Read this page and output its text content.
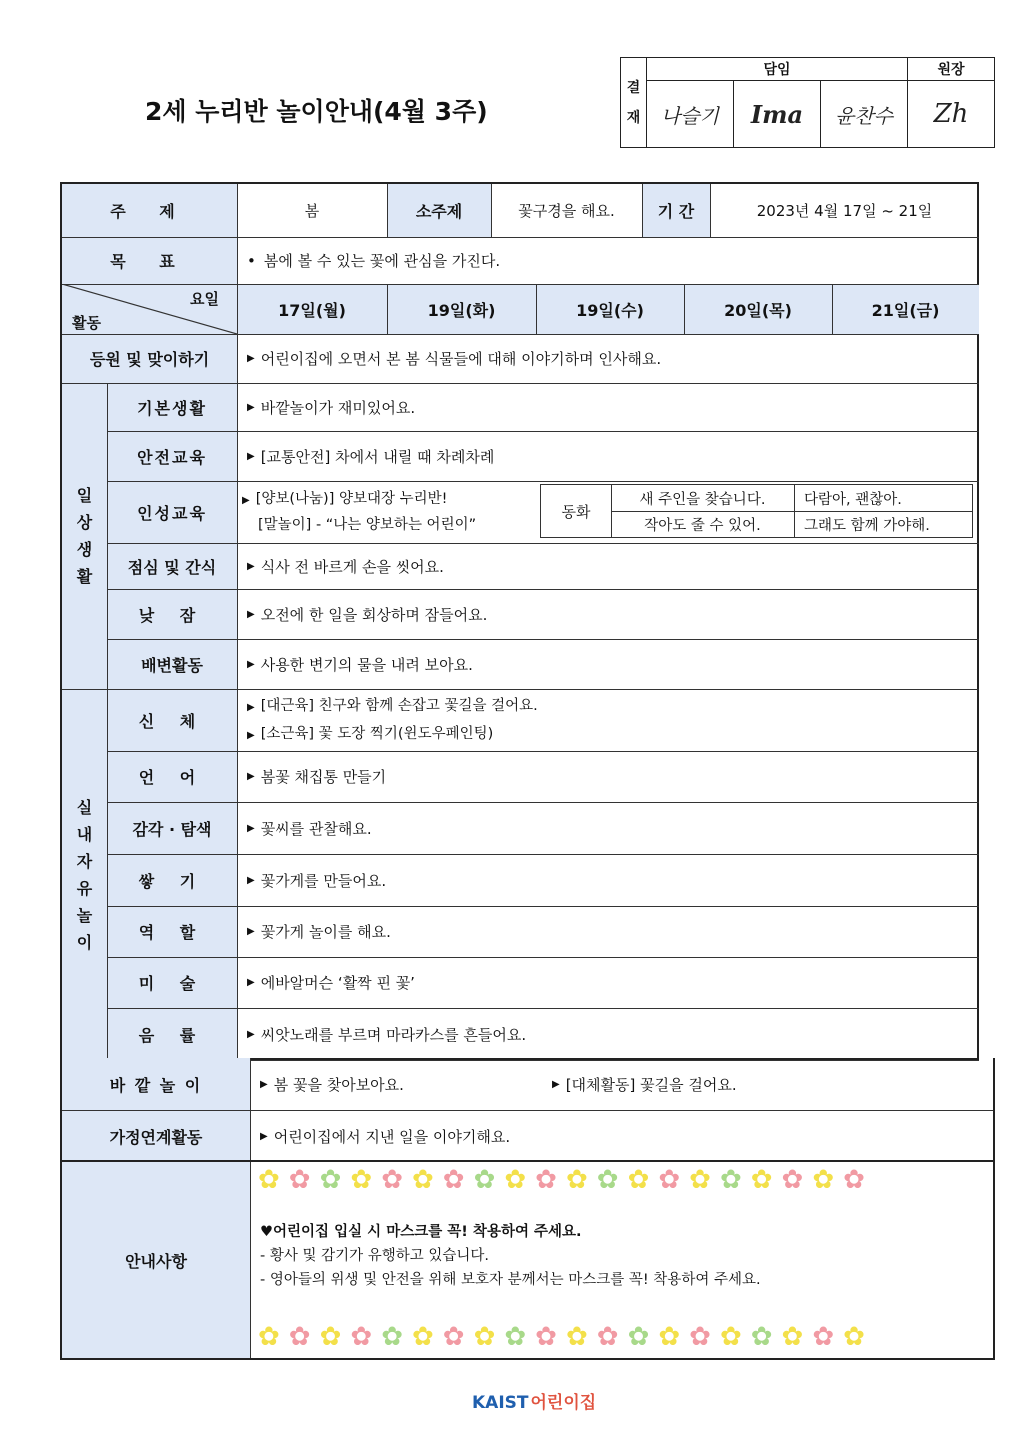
2세 누리반 놀이안내(4월 3주)
결재	담임			원장
	나슬기	Ima	윤찬수	Zh
주 제	봄	소주제	꽃구경을 해요.	기 간	2023년 4월 17일 ~ 21일
목 표	• 봄에 볼 수 있는 꽃에 관심을 가진다.
요일
활동
17일(월)	19일(화)	19일(수)	20일(목)	21일(금)
등원 및 맞이하기	▶ 어린이집에 오면서 본 봄 식물들에 대해 이야기하며 인사해요.
일상생활
기본생활	▶ 바깥놀이가 재미있어요.
안전교육	▶ [교통안전] 차에서 내릴 때 차례차례
인성교육
▶ [양보(나눔)] 양보대장 누리반!
[말놀이] - “나는 양보하는 어린이”
동화
새 주인을 찾습니다.	다람아, 괜찮아.
작아도 줄 수 있어.	그래도 함께 가야해.
점심 및 간식	▶ 식사 전 바르게 손을 씻어요.
낮 잠	▶ 오전에 한 일을 회상하며 잠들어요.
배변활동	▶ 사용한 변기의 물을 내려 보아요.
실내자유놀이
신 체
▶ [대근육] 친구와 함께 손잡고 꽃길을 걸어요.
▶ [소근육] 꽃 도장 찍기(윈도우페인팅)
언 어	▶ 봄꽃 채집통 만들기
감각 · 탐색	▶ 꽃씨를 관찰해요.
쌓 기	▶ 꽃가게를 만들어요.
역 할	▶ 꽃가게 놀이를 해요.
미 술	▶ 에바알머슨 ‘활짝 핀 꽃’
음 률	▶ 씨앗노래를 부르며 마라카스를 흔들어요.
바 깥 놀 이	▶ 봄 꽃을 찾아보아요.	▶ [대체활동] 꽃길을 걸어요.
가정연계활동	▶ 어린이집에서 지낸 일을 이야기해요.
안내사항
✿ ✿ ✿ ✿ ✿ ✿ ✿ ✿ ✿ ✿ ✿ ✿ ✿ ✿ ✿ ✿ ✿ ✿ ✿ ✿
♥어린이집 입실 시 마스크를 꼭! 착용하여 주세요.
- 황사 및 감기가 유행하고 있습니다.
- 영아들의 위생 및 안전을 위해 보호자 분께서는 마스크를 꼭! 착용하여 주세요.
✿ ✿ ✿ ✿ ✿ ✿ ✿ ✿ ✿ ✿ ✿ ✿ ✿ ✿ ✿ ✿ ✿ ✿ ✿ ✿
KAIST 어린이집
